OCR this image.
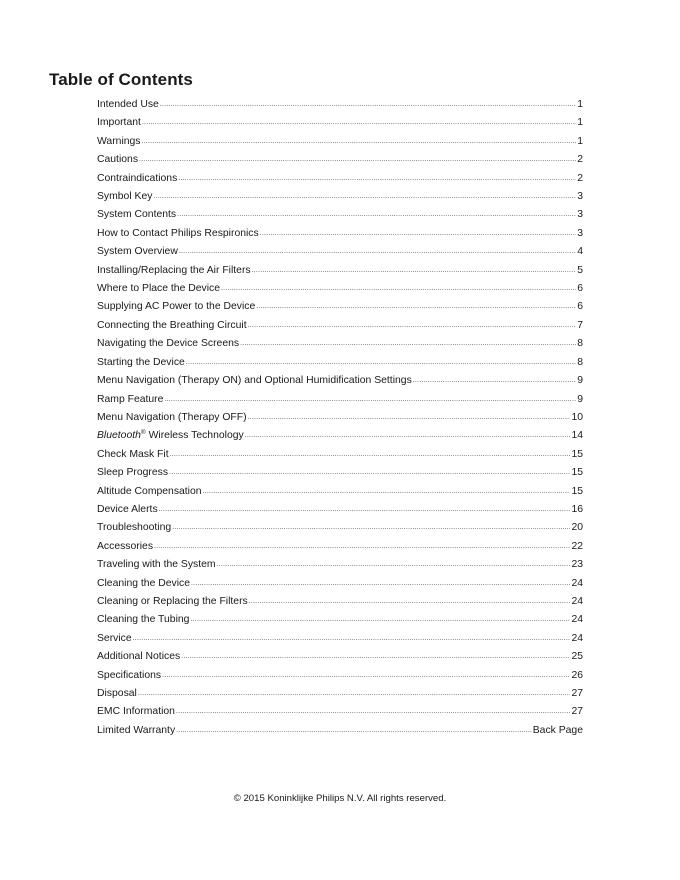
Table of Contents
Intended Use .....	1
Important .....	1
Warnings .....	1
Cautions .....	2
Contraindications .....	2
Symbol Key .....	3
System Contents .....	3
How to Contact Philips Respironics .....	3
System Overview .....	4
Installing/Replacing the Air Filters .....	5
Where to Place the Device .....	6
Supplying AC Power to the Device .....	6
Connecting the Breathing Circuit .....	7
Navigating the Device Screens .....	8
Starting the Device .....	8
Menu Navigation (Therapy ON) and Optional Humidification Settings .....	9
Ramp Feature .....	9
Menu Navigation (Therapy OFF) .....	10
Bluetooth® Wireless Technology .....	14
Check Mask Fit .....	15
Sleep Progress .....	15
Altitude Compensation .....	15
Device Alerts .....	16
Troubleshooting .....	20
Accessories .....	22
Traveling with the System .....	23
Cleaning the Device .....	24
Cleaning or Replacing the Filters .....	24
Cleaning the Tubing .....	24
Service .....	24
Additional Notices .....	25
Specifications .....	26
Disposal .....	27
EMC Information .....	27
Limited Warranty .....	Back Page

© 2015 Koninklijke Philips N.V. All rights reserved.
